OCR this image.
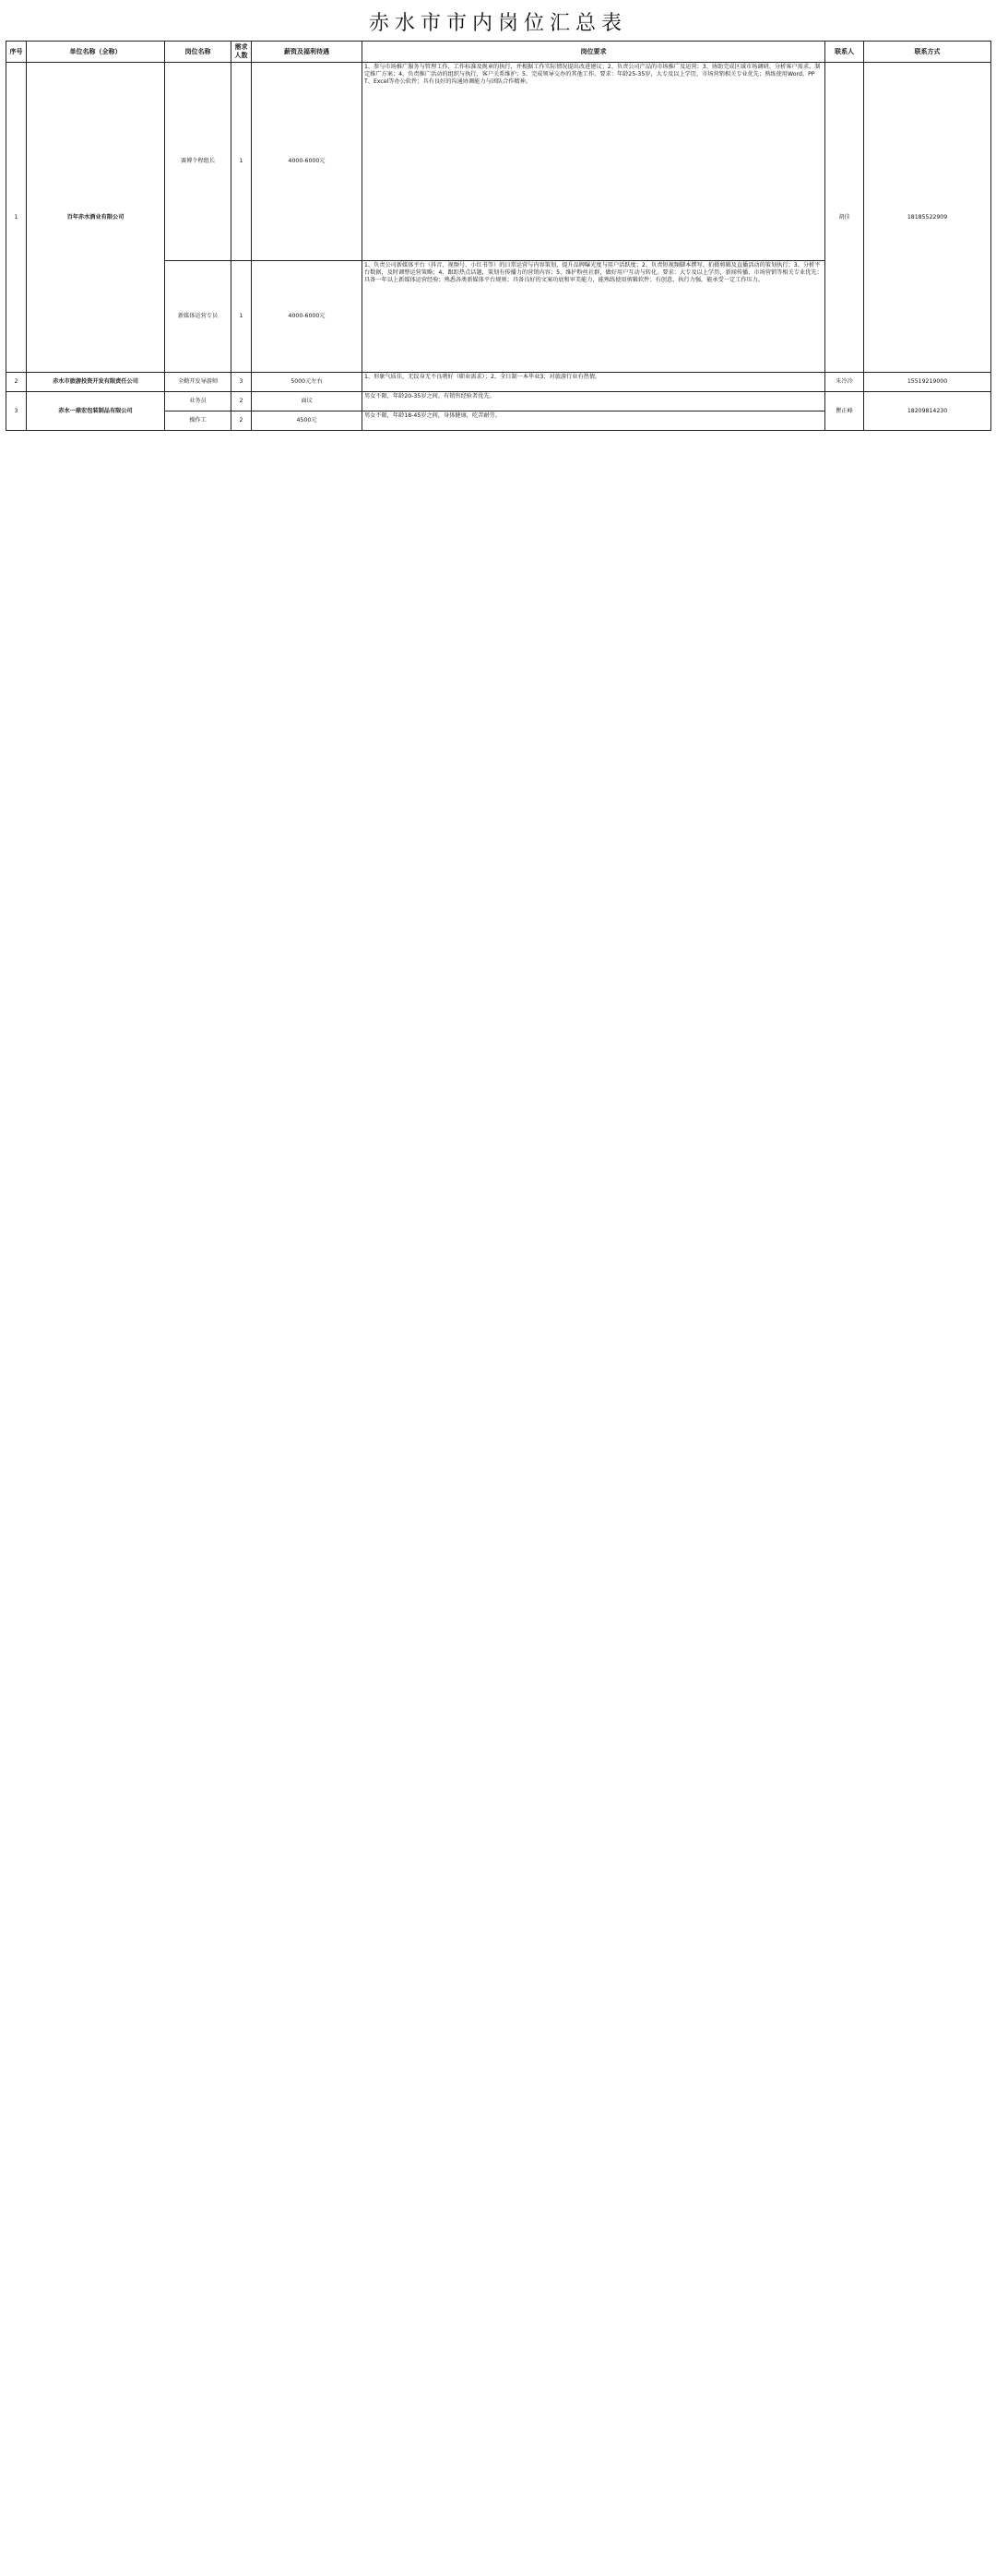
赤水市市内岗位汇总表
序号	单位名称（全称）	岗位名称	需求人数	薪资及福利待遇	岗位要求	联系人	联系方式
1	百年赤水酒业有限公司	赛博个程组长	1	4000-6000元	1、参与市场推广服务与管理工作，工作标准及规章的执行，并根据工作实际情况提出改进建议；2、负责公司产品的市场推广及运营；3、协助完成区域市场调研、分析客户需求、制定推广方案；4、负责推广活动的组织与执行，客户关系维护；5、完成领导交办的其他工作。要求：年龄25-35岁，大专及以上学历，市场营销相关专业优先；熟练使用Word、PPT、Excel等办公软件；具有良好的沟通协调能力与团队合作精神。	胡佳	18185522909
		新媒体运营专员	1	4000-6000元	1、负责公司新媒体平台（抖音、视频号、小红书等）的日常运营与内容策划，提升品牌曝光度与用户活跃度；2、负责短视频脚本撰写、拍摄剪辑及直播活动的策划执行；3、分析平台数据，及时调整运营策略；4、跟踪热点话题，策划有传播力的营销内容；5、维护粉丝社群，做好用户互动与转化。要求：大专及以上学历，新闻传播、市场营销等相关专业优先；具备一年以上新媒体运营经验；熟悉各类新媒体平台规则；具备良好的文案功底和审美能力，能熟练使用剪辑软件；有创意，执行力强，能承受一定工作压力。		
2	赤水市旅游投资开发有限责任公司	全勤开发导游师	3	5000元左右	1、形象气质佳，无纹身无不良嗜好（职业需求）；2、全日制一本毕业3、对旅游行业有热情。	朱冷冷	15519219000
3	赤水一鼎宏包装制品有限公司	业务员	2	面议	男女不限，年龄20-35岁之间，有销售经验者优先。	瞿正峰	18209814230
		操作工	2	4500元	男女不限，年龄18-45岁之间，身体健康，吃苦耐劳。		
